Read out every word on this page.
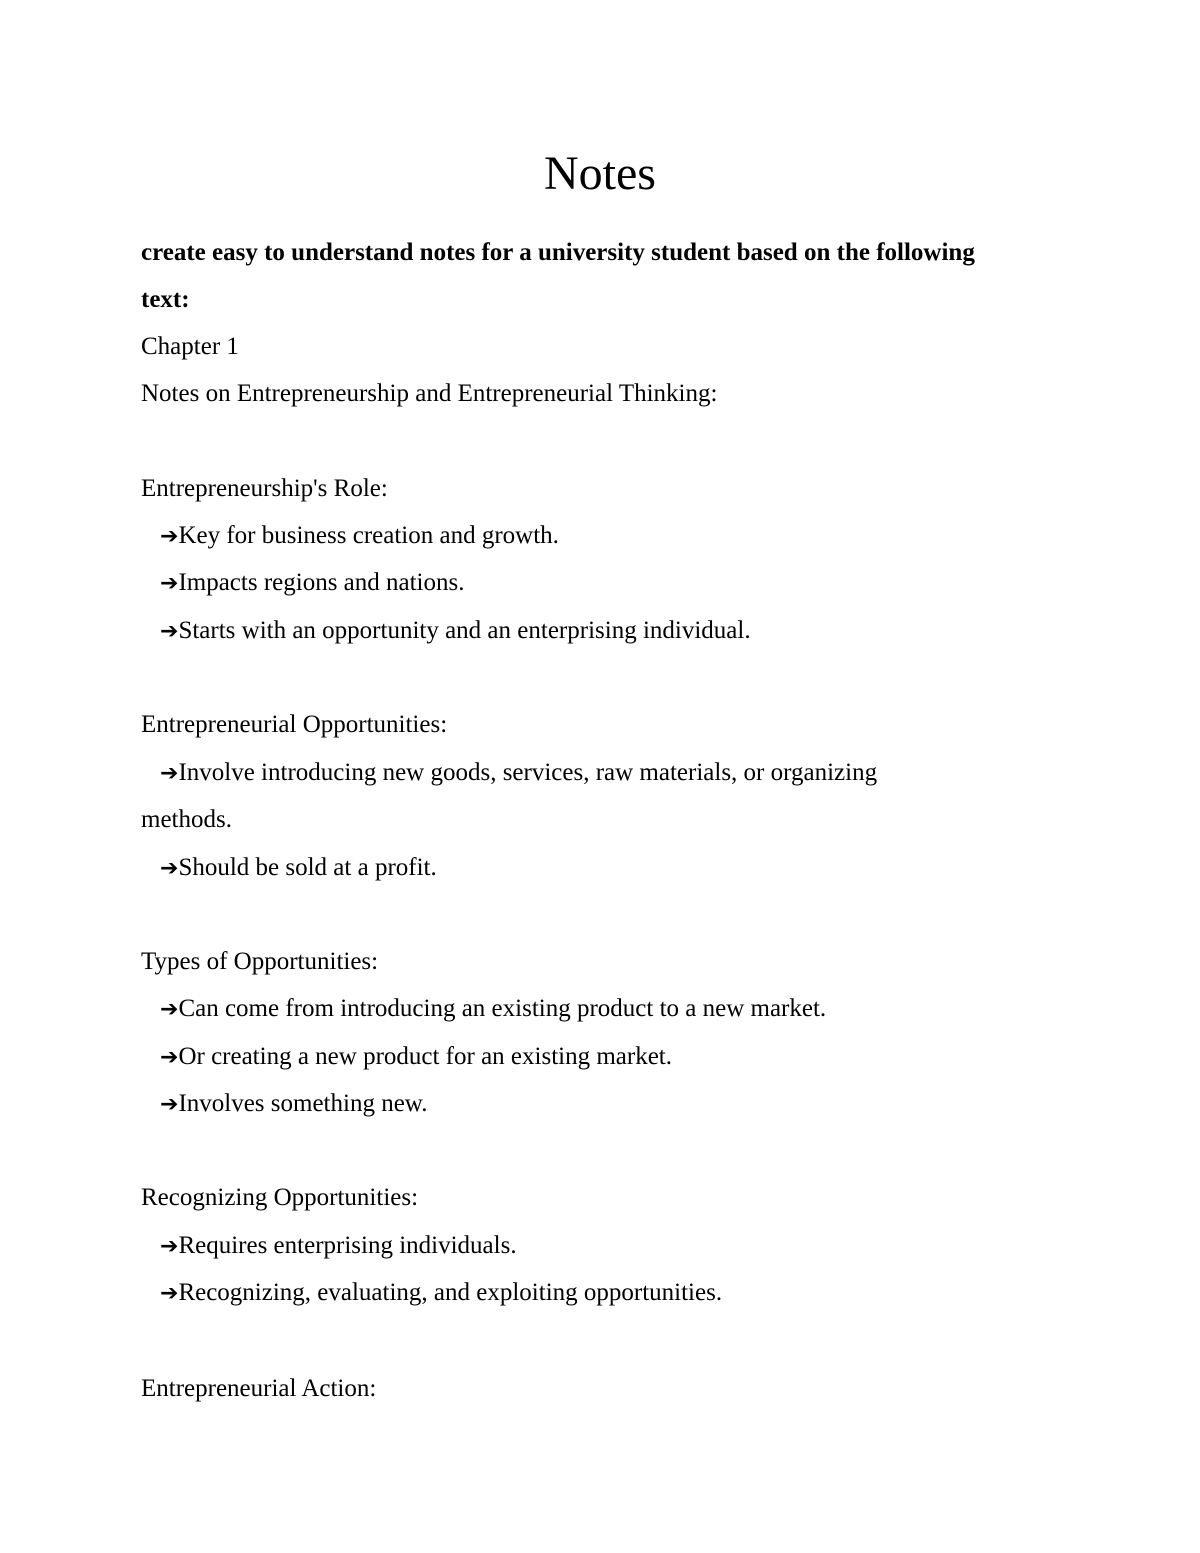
Notes
create easy to understand notes for a university student based on the following
text:
Chapter 1
Notes on Entrepreneurship and Entrepreneurial Thinking:
Entrepreneurship's Role:
➔Key for business creation and growth.
➔Impacts regions and nations.
➔Starts with an opportunity and an enterprising individual.
Entrepreneurial Opportunities:
➔Involve introducing new goods, services, raw materials, or organizing
methods.
➔Should be sold at a profit.
Types of Opportunities:
➔Can come from introducing an existing product to a new market.
➔Or creating a new product for an existing market.
➔Involves something new.
Recognizing Opportunities:
➔Requires enterprising individuals.
➔Recognizing, evaluating, and exploiting opportunities.
Entrepreneurial Action:
